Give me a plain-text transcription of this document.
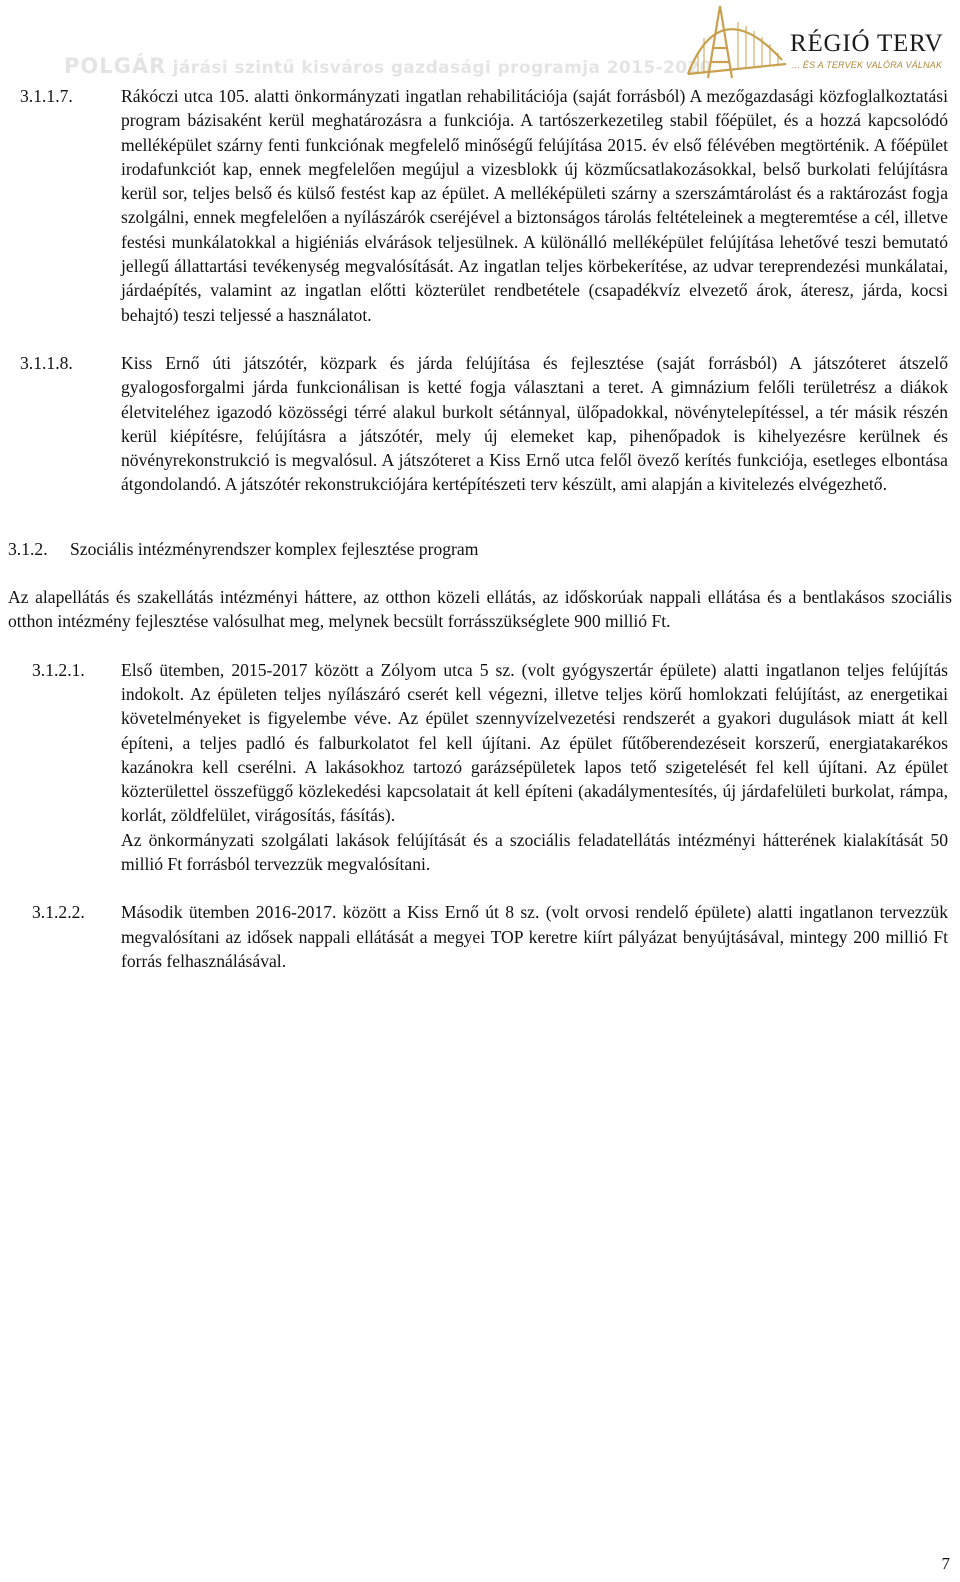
POLGÁR járási szintű kisváros gazdasági programja 2015-2020
RÉGIÓ TERV
... ÉS A TERVEK VALÓRA VÁLNAK
3.1.1.7.	Rákóczi utca 105. alatti önkormányzati ingatlan rehabilitációja (saját forrásból) A mezőgazdasági közfoglalkoztatási program bázisaként kerül meghatározásra a funkciója. A tartószerkezetileg stabil főépület, és a hozzá kapcsolódó melléképület szárny fenti funkciónak megfelelő minőségű felújítása 2015. év első félévében megtörténik. A főépület irodafunkciót kap, ennek megfelelően megújul a vizesblokk új közműcsatlakozásokkal, belső burkolati felújításra kerül sor, teljes belső és külső festést kap az épület. A melléképületi szárny a szerszámtárolást és a raktározást fogja szolgálni, ennek megfelelően a nyílászárók cseréjével a biztonságos tárolás feltételeinek a megteremtése a cél, illetve festési munkálatokkal a higiéniás elvárások teljesülnek. A különálló melléképület felújítása lehetővé teszi bemutató jellegű állattartási tevékenység megvalósítását. Az ingatlan teljes körbekerítése, az udvar tereprendezési munkálatai, járdaépítés, valamint az ingatlan előtti közterület rendbetétele (csapadékvíz elvezető árok, áteresz, járda, kocsi behajtó) teszi teljessé a használatot.

3.1.1.8.	Kiss Ernő úti játszótér, közpark és járda felújítása és fejlesztése (saját forrásból) A játszóteret átszelő gyalogosforgalmi járda funkcionálisan is ketté fogja választani a teret. A gimnázium felőli területrész a diákok életviteléhez igazodó közösségi térré alakul burkolt sétánnyal, ülőpadokkal, növénytelepítéssel, a tér másik részén kerül kiépítésre, felújításra a játszótér, mely új elemeket kap, pihenőpadok is kihelyezésre kerülnek és növényrekonstrukció is megvalósul. A játszóteret a Kiss Ernő utca felől övező kerítés funkciója, esetleges elbontása átgondolandó. A játszótér rekonstrukciójára kertépítészeti terv készült, ami alapján a kivitelezés elvégezhető.

3.1.2. Szociális intézményrendszer komplex fejlesztése program

Az alapellátás és szakellátás intézményi háttere, az otthon közeli ellátás, az időskorúak nappali ellátása és a bentlakásos szociális otthon intézmény fejlesztése valósulhat meg, melynek becsült forrásszükséglete 900 millió Ft.

3.1.2.1. Első ütemben, 2015-2017 között a Zólyom utca 5 sz. (volt gyógyszertár épülete) alatti ingatlanon teljes felújítás indokolt. Az épületen teljes nyílászáró cserét kell végezni, illetve teljes körű homlokzati felújítást, az energetikai követelményeket is figyelembe véve. Az épület szennyvízelvezetési rendszerét a gyakori dugulások miatt át kell építeni, a teljes padló és falburkolatot fel kell újítani. Az épület fűtőberendezéseit korszerű, energiatakarékos kazánokra kell cserélni. A lakásokhoz tartozó garázsépületek lapos tető szigetelését fel kell újítani. Az épület közterülettel összefüggő közlekedési kapcsolatait át kell építeni (akadálymentesítés, új járdafelületi burkolat, rámpa, korlát, zöldfelület, virágosítás, fásítás).

Az önkormányzati szolgálati lakások felújítását és a szociális feladatellátás intézményi hátterének kialakítását 50 millió Ft forrásból tervezzük megvalósítani.

3.1.2.2. Második ütemben 2016-2017. között a Kiss Ernő út 8 sz. (volt orvosi rendelő épülete) alatti ingatlanon tervezzük megvalósítani az idősek nappali ellátását a megyei TOP keretre kiírt pályázat benyújtásával, mintegy 200 millió Ft forrás felhasználásával.

7
